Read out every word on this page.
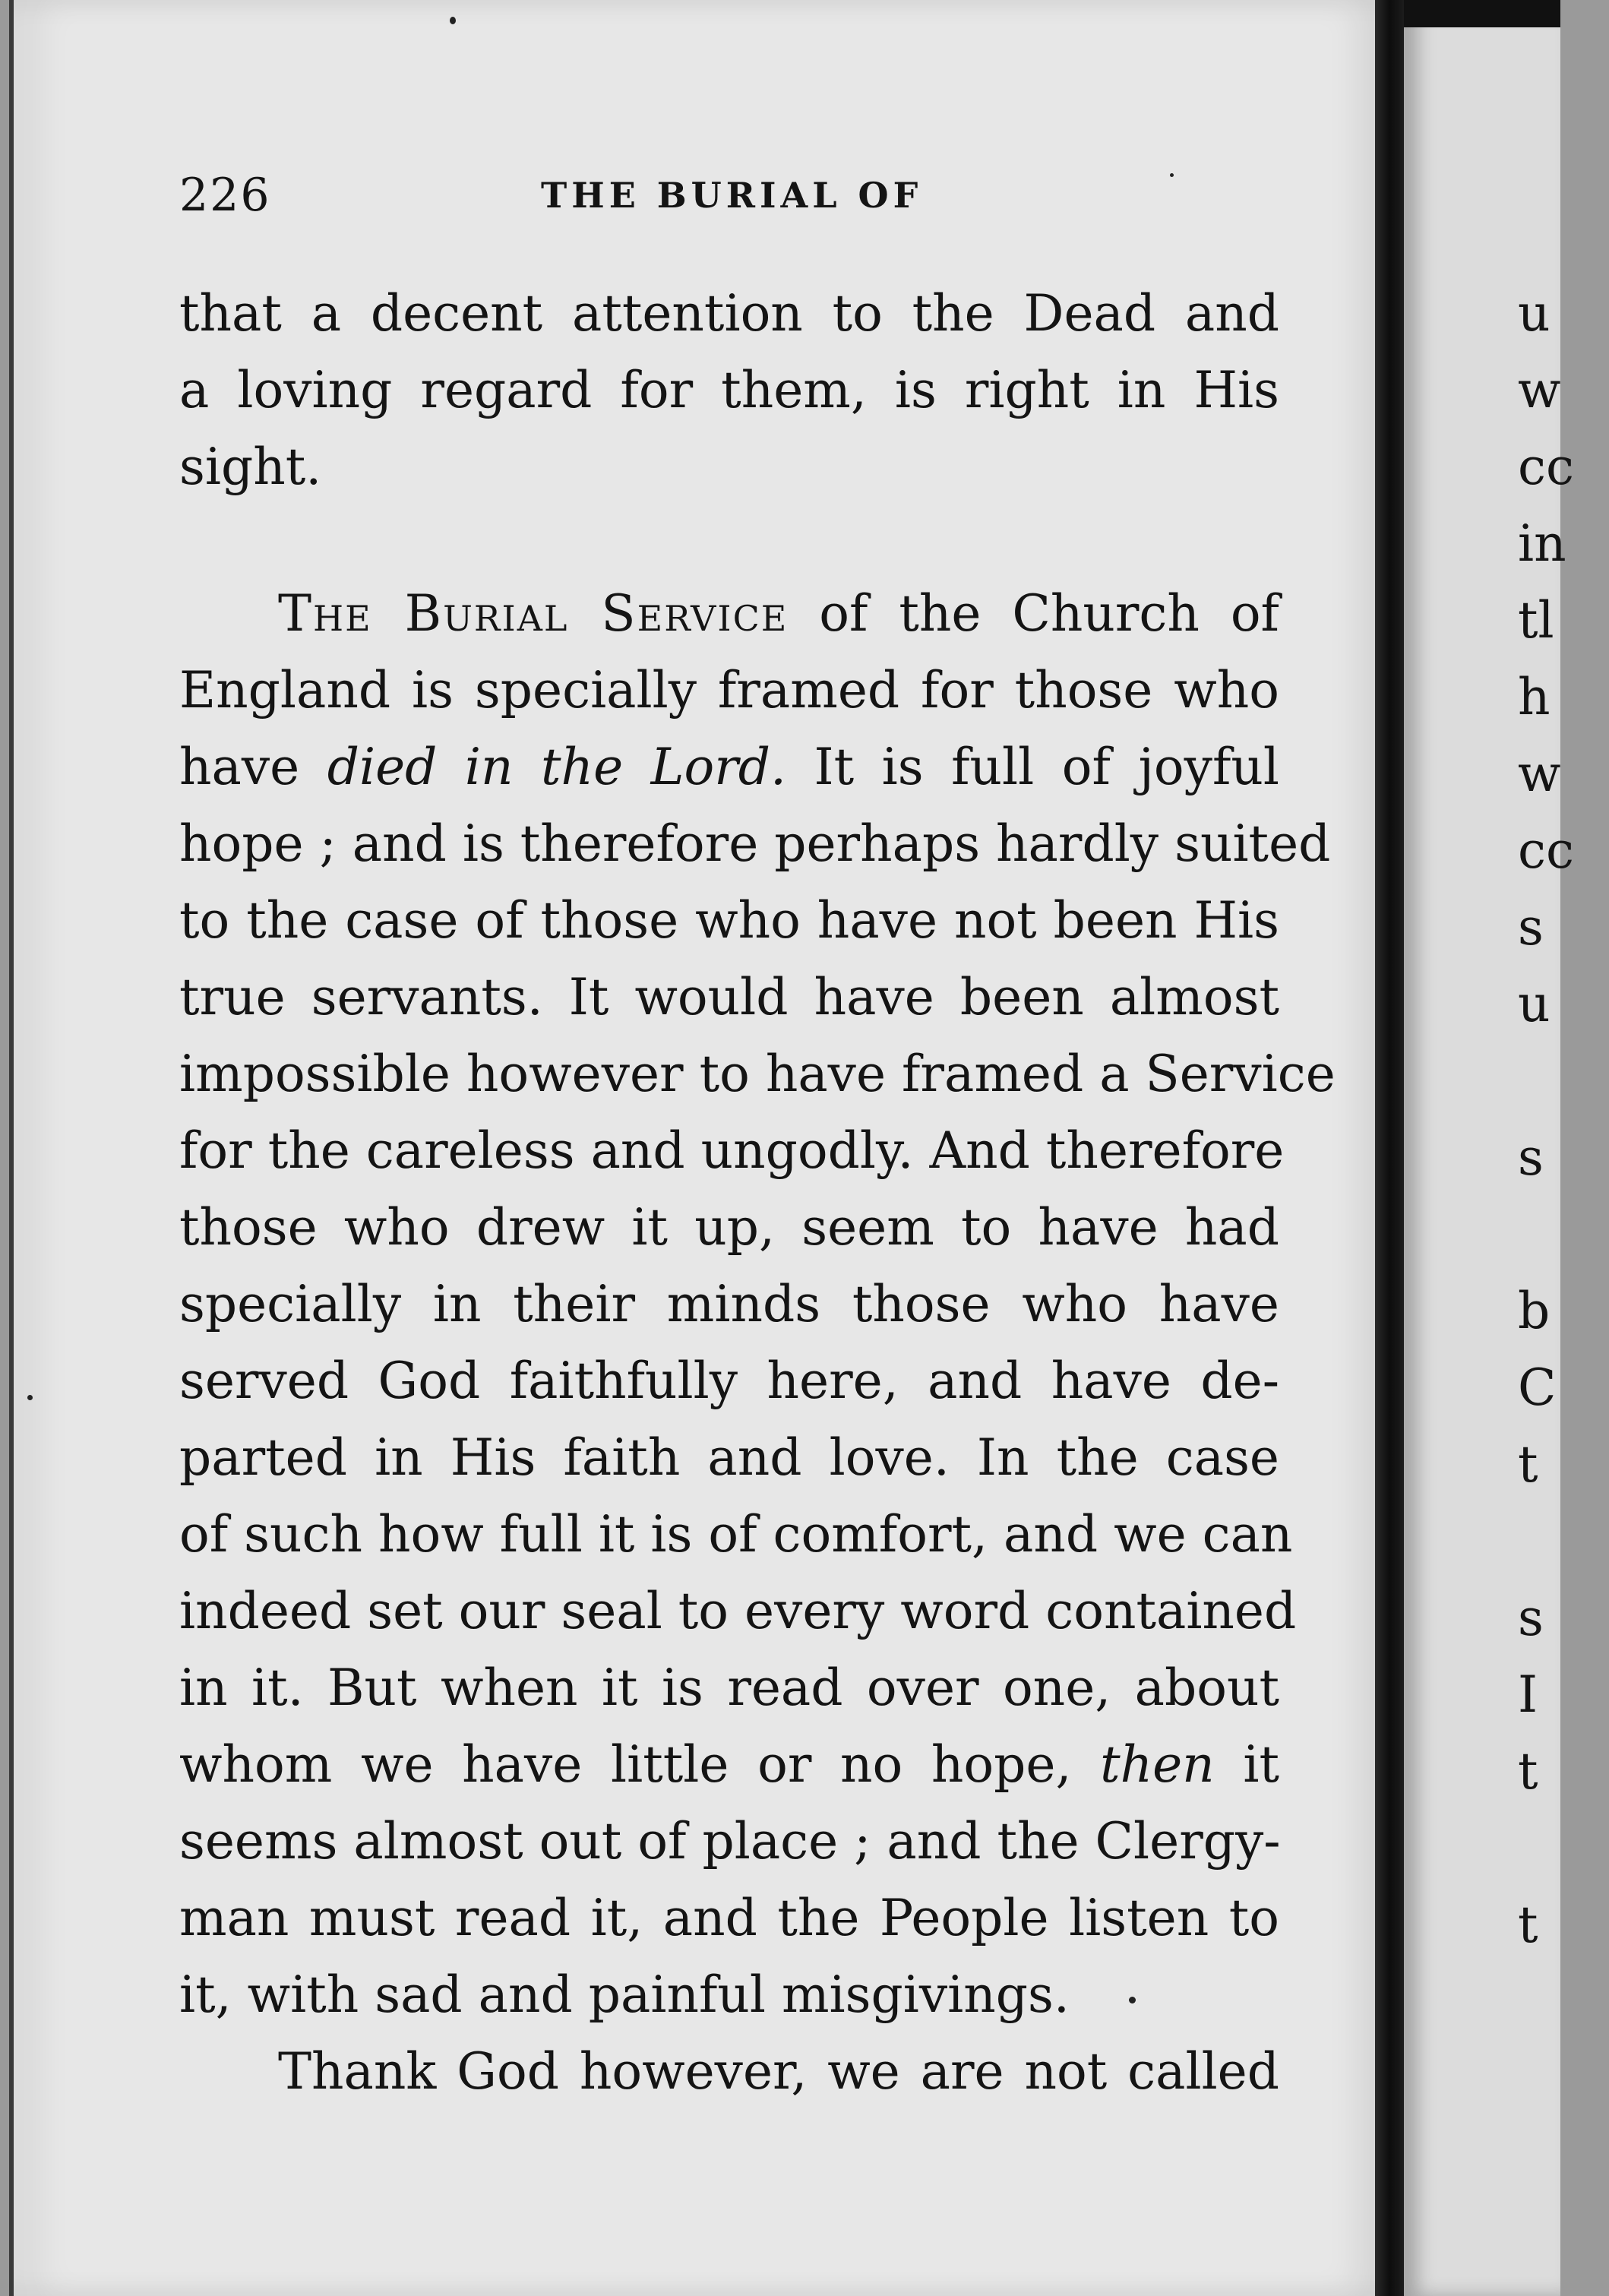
226	THE BURIAL OF
that a decent attention to the Dead and
a loving regard for them, is right in His
sight.
The Burial Service of the Church of
England is specially framed for those who
have died in the Lord. It is full of joyful
hope ; and is therefore perhaps hardly suited
to the case of those who have not been His
true servants. It would have been almost
impossible however to have framed a Service
for the careless and ungodly. And therefore
those who drew it up, seem to have had
specially in their minds those who have
served God faithfully here, and have de-
parted in His faith and love. In the case
of such how full it is of comfort, and we can
indeed set our seal to every word contained
in it. But when it is read over one, about
whom we have little or no hope, then it
seems almost out of place ; and the Clergy-
man must read it, and the People listen to
it, with sad and painful misgivings.
Thank God however, we are not called
u
w
cc
in
tl
h
w
cc
s
u
s
b
C
t
s
I
t
t
